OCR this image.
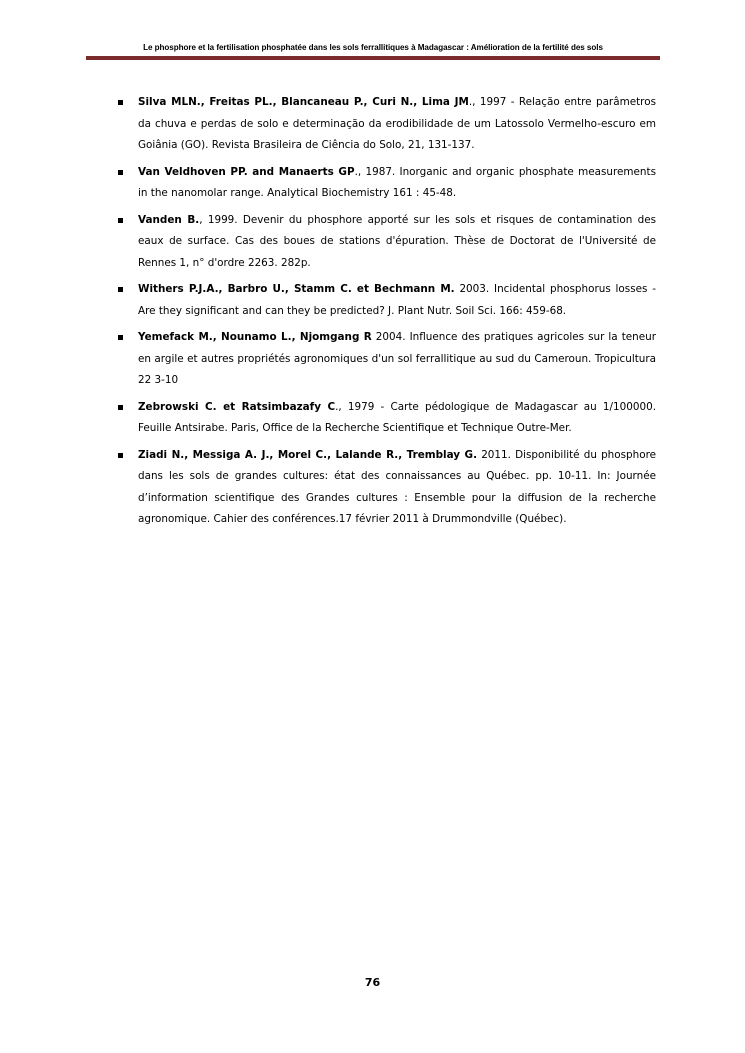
Le phosphore et la fertilisation phosphatée dans les sols ferrallitiques à Madagascar : Amélioration de la fertilité des sols
Silva MLN., Freitas PL., Blancaneau P., Curi N., Lima JM., 1997 - Relação entre parâmetros da chuva e perdas de solo e determinação da erodibilidade de um Latossolo Vermelho-escuro em Goiânia (GO). Revista Brasileira de Ciência do Solo, 21, 131-137.
Van Veldhoven PP. and Manaerts GP., 1987. Inorganic and organic phosphate measurements in the nanomolar range. Analytical Biochemistry 161 : 45-48.
Vanden B., 1999. Devenir du phosphore apporté sur les sols et risques de contamination des eaux de surface. Cas des boues de stations d'épuration. Thèse de Doctorat de l'Université de Rennes 1, n° d'ordre 2263. 282p.
Withers P.J.A., Barbro U., Stamm C. et Bechmann M. 2003. Incidental phosphorus losses - Are they significant and can they be predicted? J. Plant Nutr. Soil Sci. 166: 459-68.
Yemefack M., Nounamo L., Njomgang R 2004. Influence des pratiques agricoles sur la teneur en argile et autres propriétés agronomiques d'un sol ferrallitique au sud du Cameroun. Tropicultura 22 3-10
Zebrowski C. et Ratsimbazafy C., 1979 - Carte pédologique de Madagascar au 1/100000. Feuille Antsirabe. Paris, Office de la Recherche Scientifique et Technique Outre-Mer.
Ziadi N., Messiga A. J., Morel C., Lalande R., Tremblay G. 2011. Disponibilité du phosphore dans les sols de grandes cultures: état des connaissances au Québec. pp. 10-11. In: Journée d’information scientifique des Grandes cultures : Ensemble pour la diffusion de la recherche agronomique. Cahier des conférences.17 février 2011 à Drummondville (Québec).
76
